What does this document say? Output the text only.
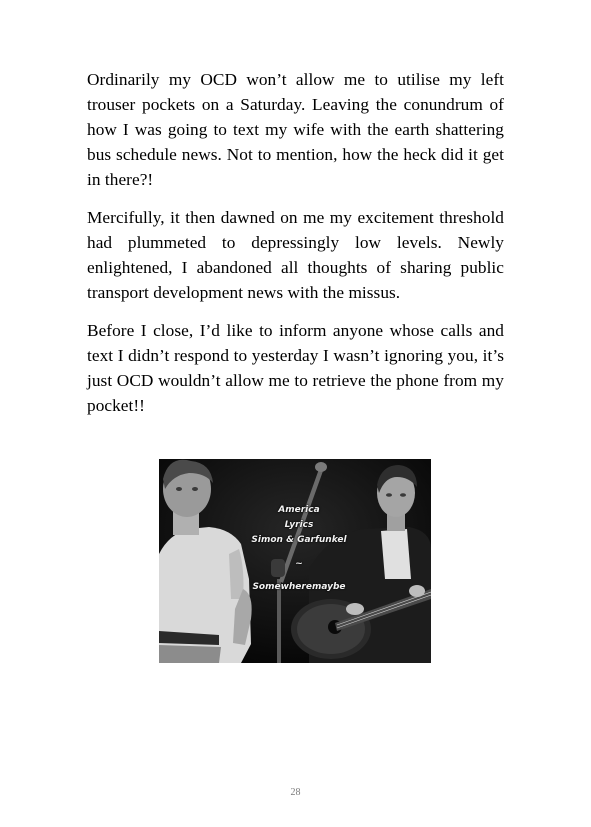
Ordinarily my OCD won’t allow me to utilise my left trouser pockets on a Saturday. Leaving the conundrum of how I was going to text my wife with the earth shattering bus schedule news. Not to mention, how the heck did it get in there?!

Mercifully, it then dawned on me my excitement threshold had plummeted to depressingly low levels. Newly enlightened, I abandoned all thoughts of sharing public transport development news with the missus.

Before I close, I’d like to inform anyone whose calls and text I didn’t respond to yesterday I wasn’t ignoring you, it’s just OCD wouldn’t allow me to retrieve the phone from my pocket!!

America
Lyrics
Simon & Garfunkel
~
Somewheremaybe
28
